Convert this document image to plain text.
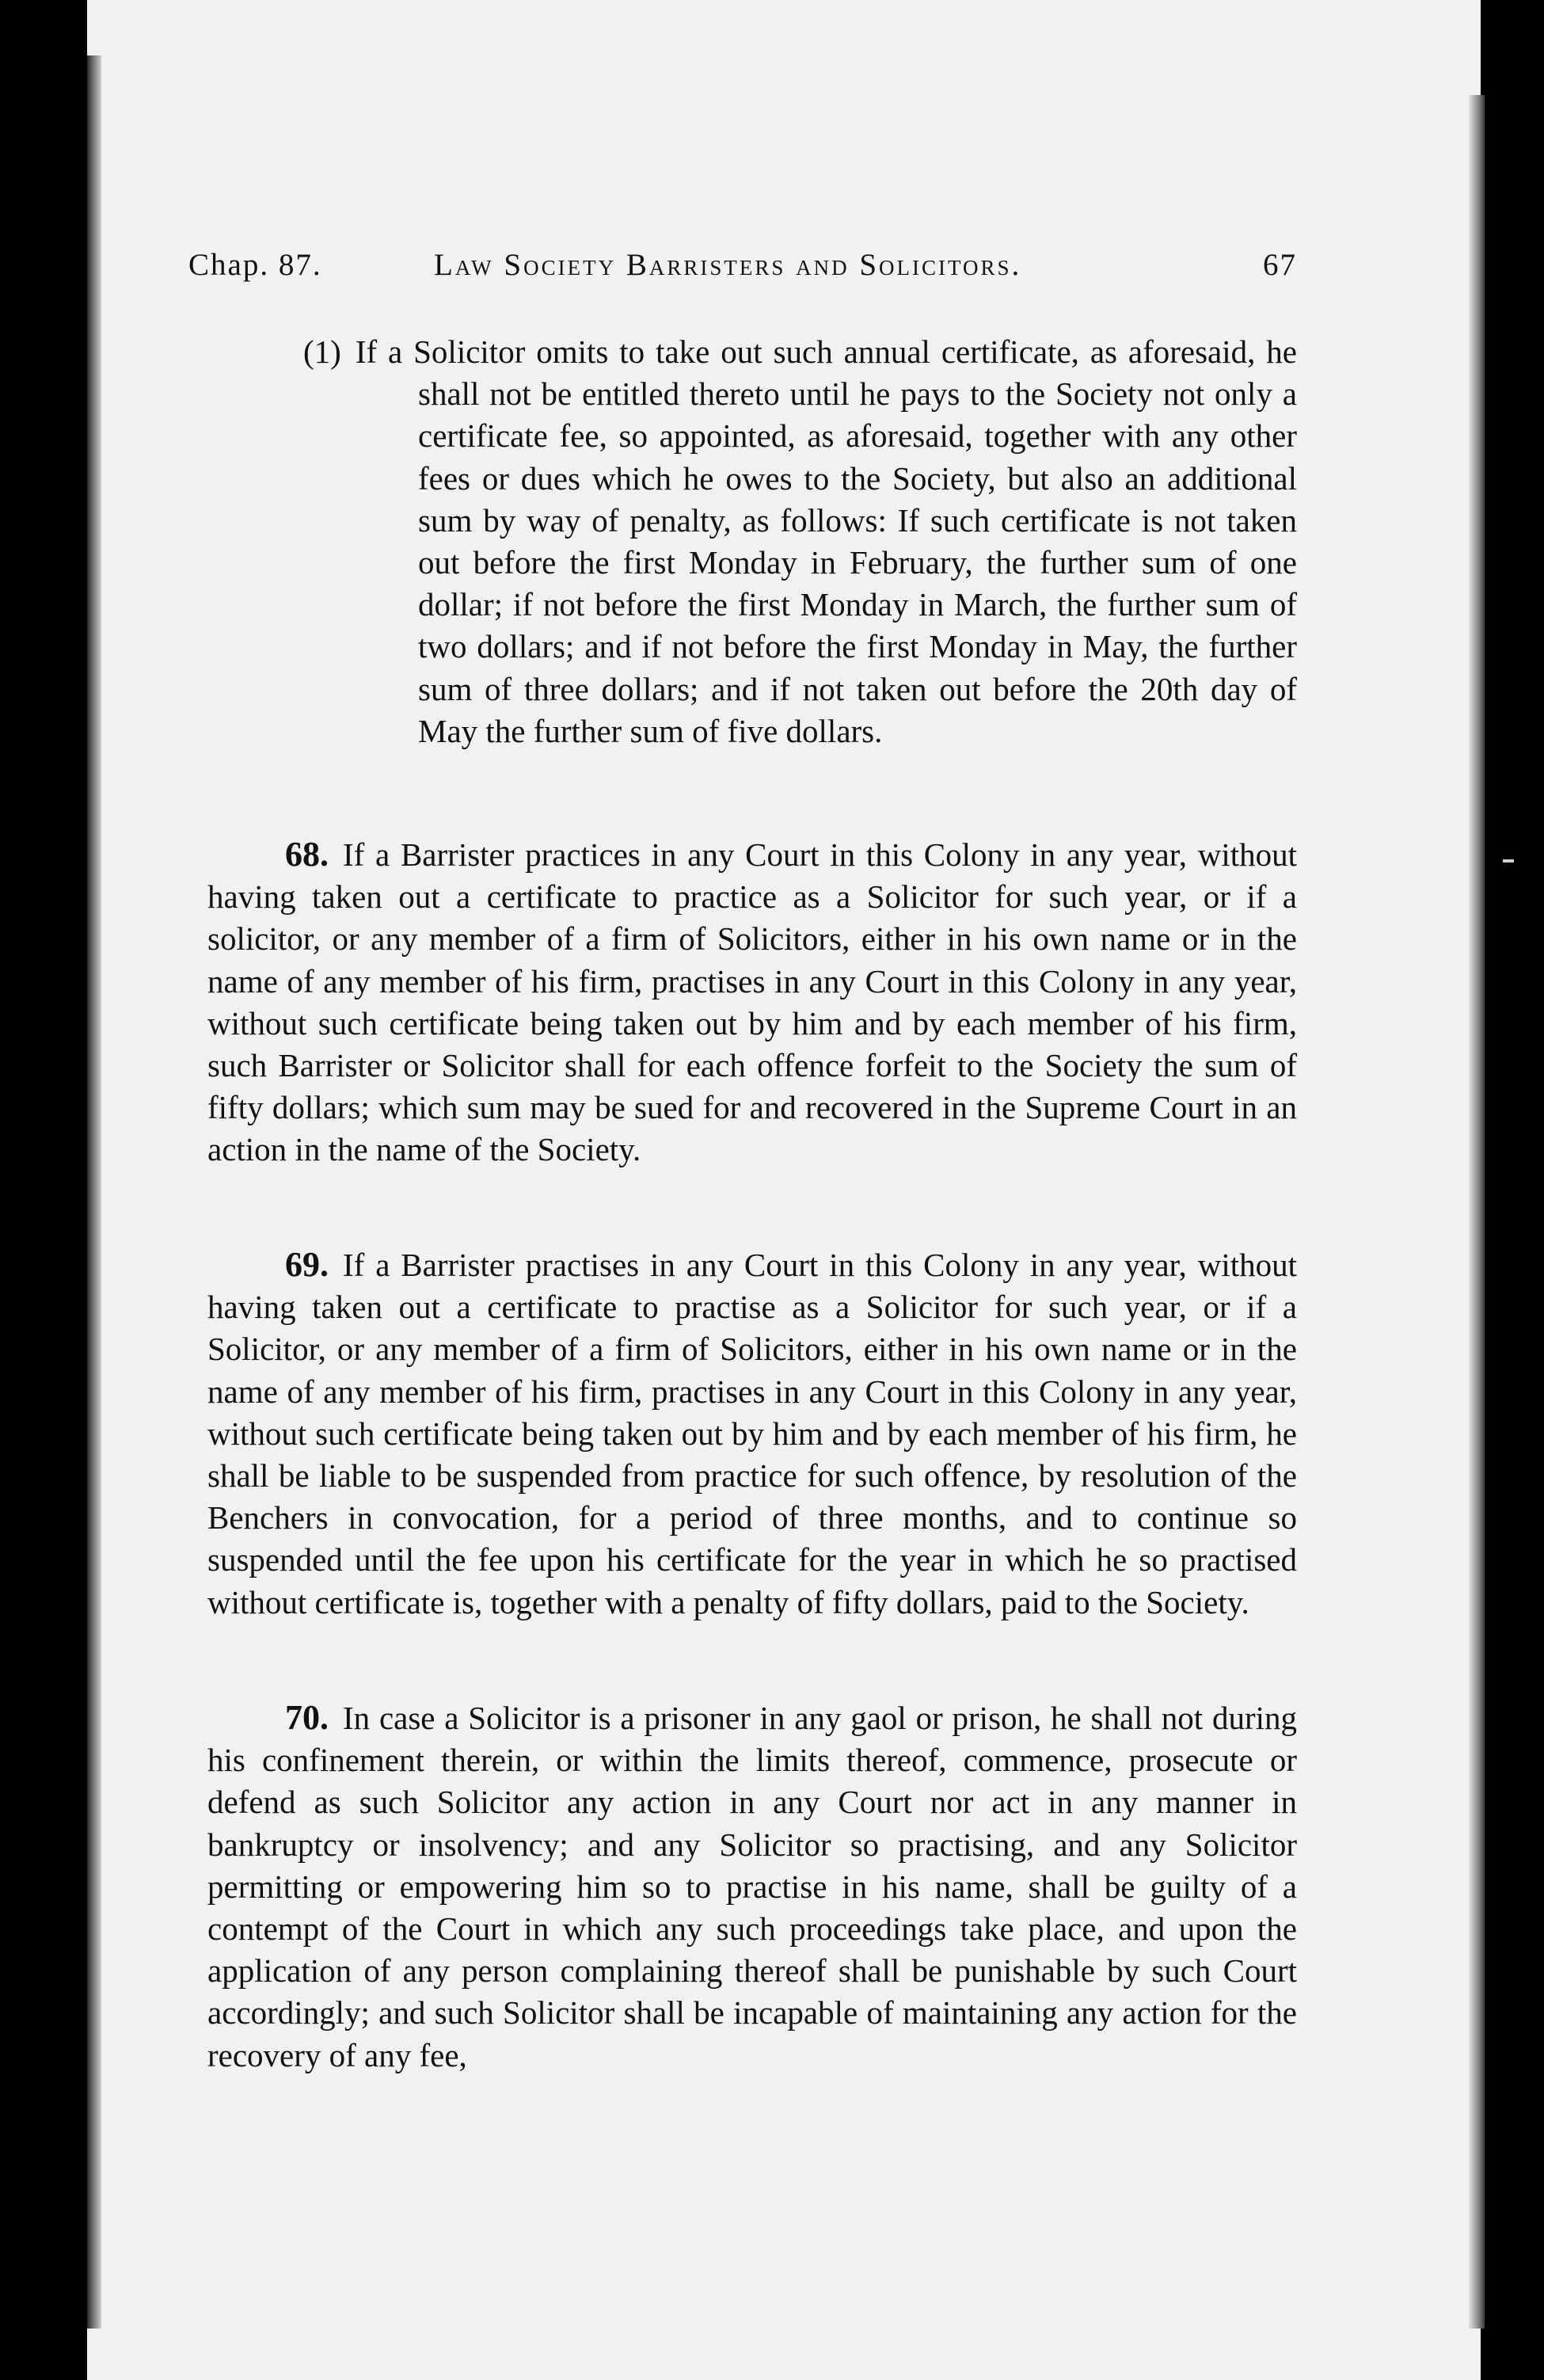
Chap. 87.	Law Society Barristers and Solicitors.	67

(1) If a Solicitor omits to take out such annual certificate, as aforesaid, he shall not be entitled thereto until he pays to the Society not only a certificate fee, so appointed, as aforesaid, together with any other fees or dues which he owes to the Society, but also an additional sum by way of penalty, as follows: If such certificate is not taken out before the first Monday in February, the further sum of one dollar; if not before the first Monday in March, the further sum of two dollars; and if not before the first Monday in May, the further sum of three dollars; and if not taken out before the 20th day of May the further sum of five dollars.

68. If a Barrister practices in any Court in this Colony in any year, without having taken out a certificate to practice as a Solicitor for such year, or if a solicitor, or any member of a firm of Solicitors, either in his own name or in the name of any member of his firm, practises in any Court in this Colony in any year, without such certificate being taken out by him and by each member of his firm, such Barrister or Solicitor shall for each offence forfeit to the Society the sum of fifty dollars; which sum may be sued for and recovered in the Supreme Court in an action in the name of the Society.

69. If a Barrister practises in any Court in this Colony in any year, without having taken out a certificate to practise as a Solicitor for such year, or if a Solicitor, or any member of a firm of Solicitors, either in his own name or in the name of any member of his firm, practises in any Court in this Colony in any year, without such certificate being taken out by him and by each member of his firm, he shall be liable to be suspended from practice for such offence, by resolution of the Benchers in convocation, for a period of three months, and to continue so suspended until the fee upon his certificate for the year in which he so practised without certificate is, together with a penalty of fifty dollars, paid to the Society.

70. In case a Solicitor is a prisoner in any gaol or prison, he shall not during his confinement therein, or within the limits thereof, commence, prosecute or defend as such Solicitor any action in any Court nor act in any manner in bankruptcy or insolvency; and any Solicitor so practising, and any Solicitor permitting or empowering him so to practise in his name, shall be guilty of a contempt of the Court in which any such proceedings take place, and upon the application of any person complaining thereof shall be punishable by such Court accordingly; and such Solicitor shall be incapable of maintaining any action for the recovery of any fee,
